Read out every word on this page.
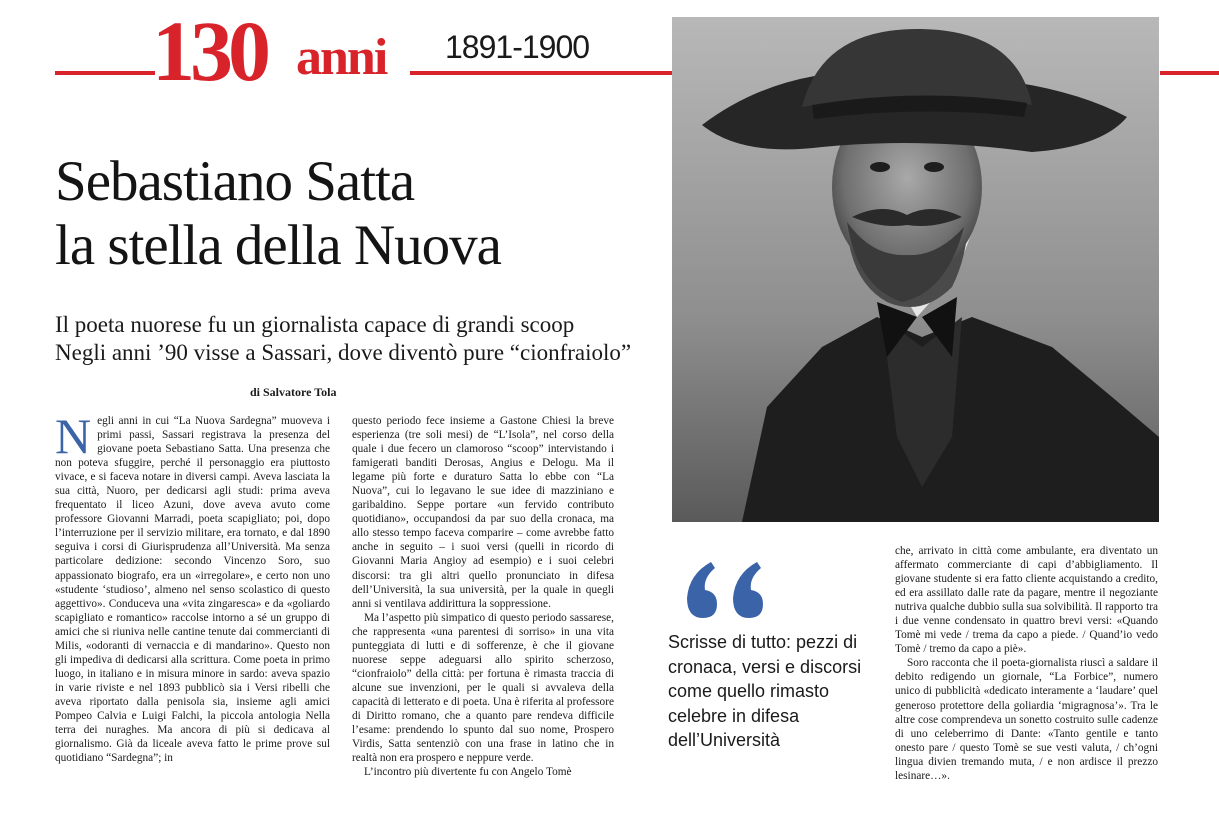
130 anni 1891-1900
Sebastiano Satta
la stella della Nuova
Il poeta nuorese fu un giornalista capace di grandi scoop
Negli anni ’90 visse a Sassari, dove diventò pure “cionfraiolo”
di Salvatore Tola

Negli anni in cui “La Nuova Sardegna” muoveva i primi passi, Sassari registrava la presenza del giovane poeta Sebastiano Satta. Una presenza che non poteva sfuggire, perché il personaggio era piuttosto vivace, e si faceva notare in diversi campi. Aveva lasciata la sua città, Nuoro, per dedicarsi agli studi: prima aveva frequentato il liceo Azuni, dove aveva avuto come professore Giovanni Marradi, poeta scapigliato; poi, dopo l’interruzione per il servizio militare, era tornato, e dal 1890 seguiva i corsi di Giurisprudenza all’Università. Ma senza particolare dedizione: secondo Vincenzo Soro, suo appassionato biografo, era un «irregolare», e certo non uno «studente ‘studioso’, almeno nel senso scolastico di questo aggettivo». Conduceva una «vita zingaresca» e da «goliardo scapigliato e romantico» raccolse intorno a sé un gruppo di amici che si riuniva nelle cantine tenute dai commercianti di Milis, «odoranti di vernaccia e di mandarino». Questo non gli impediva di dedicarsi alla scrittura. Come poeta in primo luogo, in italiano e in misura minore in sardo: aveva spazio in varie riviste e nel 1893 pubblicò sia i Versi ribelli che aveva riportato dalla penisola sia, insieme agli amici Pompeo Calvia e Luigi Falchi, la piccola antologia Nella terra dei nuraghes. Ma ancora di più si dedicava al giornalismo. Già da liceale aveva fatto le prime prove sul quotidiano “Sardegna”; in

questo periodo fece insieme a Gastone Chiesi la breve esperienza (tre soli mesi) de “L’Isola”, nel corso della quale i due fecero un clamoroso “scoop” intervistando i famigerati banditi Derosas, Angius e Delogu. Ma il legame più forte e duraturo Satta lo ebbe con “La Nuova”, cui lo legavano le sue idee di mazziniano e garibaldino. Seppe portare «un fervido contributo quotidiano», occupandosi da par suo della cronaca, ma allo stesso tempo faceva comparire – come avrebbe fatto anche in seguito – i suoi versi (quelli in ricordo di Giovanni Maria Angioy ad esempio) e i suoi celebri discorsi: tra gli altri quello pronunciato in difesa dell’Università, la sua università, per la quale in quegli anni si ventilava addirittura la soppressione.

Ma l’aspetto più simpatico di questo periodo sassarese, che rappresenta «una parentesi di sorriso» in una vita punteggiata di lutti e di sofferenze, è che il giovane nuorese seppe adeguarsi allo spirito scherzoso, “cionfraiolo” della città: per fortuna è rimasta traccia di alcune sue invenzioni, per le quali si avvaleva della capacità di letterato e di poeta. Una è riferita al professore di Diritto romano, che a quanto pare rendeva difficile l’esame: prendendo lo spunto dal suo nome, Prospero Virdis, Satta sentenziò con una frase in latino che in realtà non era prospero e neppure verde.

L’incontro più divertente fu con Angelo Tomè

che, arrivato in città come ambulante, era diventato un affermato commerciante di capi d’abbigliamento. Il giovane studente si era fatto cliente acquistando a credito, ed era assillato dalle rate da pagare, mentre il negoziante nutriva qualche dubbio sulla sua solvibilità. Il rapporto tra i due venne condensato in quattro brevi versi: «Quando Tomè mi vede / trema da capo a piede. / Quand’io vedo Tomè / tremo da capo a piè».

Soro racconta che il poeta-giornalista riuscì a saldare il debito redigendo un giornale, “La Forbice”, numero unico di pubblicità «dedicato interamente a ‘laudare’ quel generoso protettore della goliardia ‘migragnosa’». Tra le altre cose comprendeva un sonetto costruito sulle cadenze di uno celeberrimo di Dante: «Tanto gentile e tanto onesto pare / questo Tomè se sue vesti valuta, / ch’ogni lingua divien tremando muta, / e non ardisce il prezzo lesinare…».

Scrisse di tutto: pezzi di cronaca, versi e discorsi come quello rimasto celebre in difesa dell’Università
